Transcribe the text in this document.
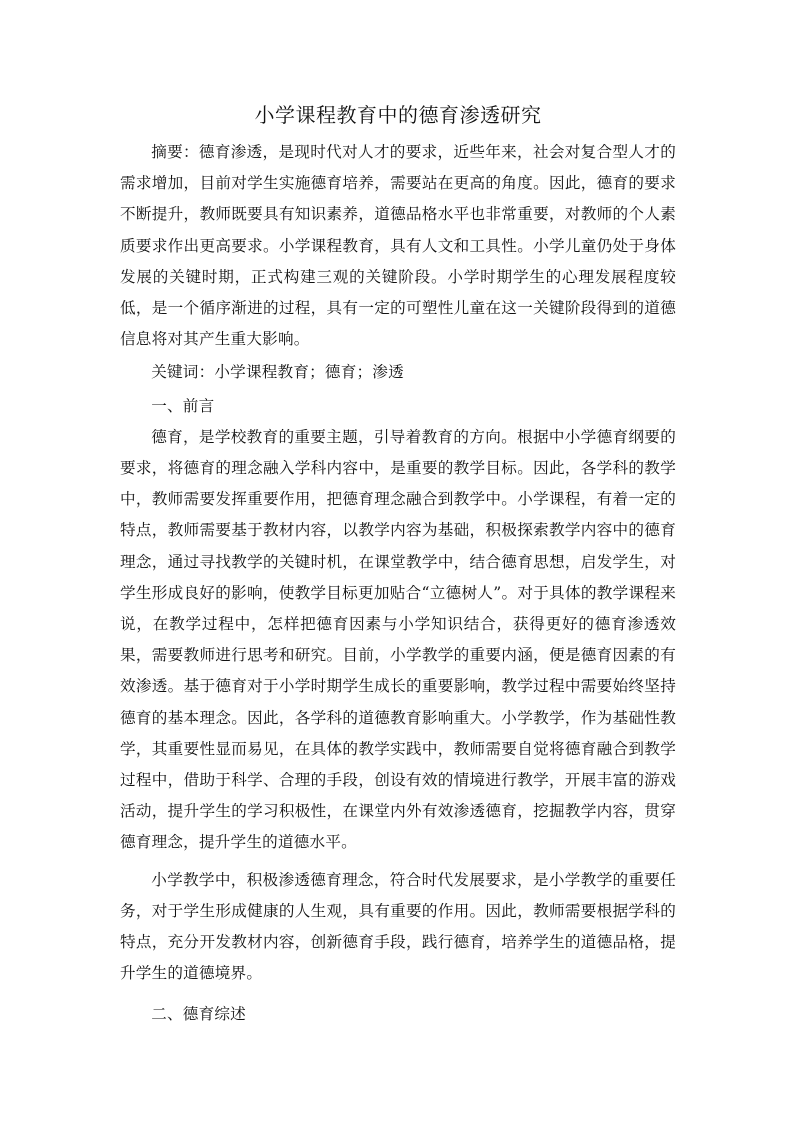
小学课程教育中的德育渗透研究

摘要：德育渗透，是现时代对人才的要求，近些年来，社会对复合型人才的需求增加，目前对学生实施德育培养，需要站在更高的角度。因此，德育的要求不断提升，教师既要具有知识素养，道德品格水平也非常重要，对教师的个人素质要求作出更高要求。小学课程教育，具有人文和工具性。小学儿童仍处于身体发展的关键时期，正式构建三观的关键阶段。小学时期学生的心理发展程度较低，是一个循序渐进的过程，具有一定的可塑性儿童在这一关键阶段得到的道德信息将对其产生重大影响。

关键词：小学课程教育；德育；渗透

一、前言

德育，是学校教育的重要主题，引导着教育的方向。根据中小学德育纲要的要求，将德育的理念融入学科内容中，是重要的教学目标。因此，各学科的教学中，教师需要发挥重要作用，把德育理念融合到教学中。小学课程，有着一定的特点，教师需要基于教材内容，以教学内容为基础，积极探索教学内容中的德育理念，通过寻找教学的关键时机，在课堂教学中，结合德育思想，启发学生，对学生形成良好的影响，使教学目标更加贴合“立德树人”。对于具体的教学课程来说，在教学过程中，怎样把德育因素与小学知识结合，获得更好的德育渗透效果，需要教师进行思考和研究。目前，小学教学的重要内涵，便是德育因素的有效渗透。基于德育对于小学时期学生成长的重要影响，教学过程中需要始终坚持德育的基本理念。因此，各学科的道德教育影响重大。小学教学，作为基础性教学，其重要性显而易见，在具体的教学实践中，教师需要自觉将德育融合到教学过程中，借助于科学、合理的手段，创设有效的情境进行教学，开展丰富的游戏活动，提升学生的学习积极性，在课堂内外有效渗透德育，挖掘教学内容，贯穿德育理念，提升学生的道德水平。

小学教学中，积极渗透德育理念，符合时代发展要求，是小学教学的重要任务，对于学生形成健康的人生观，具有重要的作用。因此，教师需要根据学科的特点，充分开发教材内容，创新德育手段，践行德育，培养学生的道德品格，提升学生的道德境界。

二、德育综述
